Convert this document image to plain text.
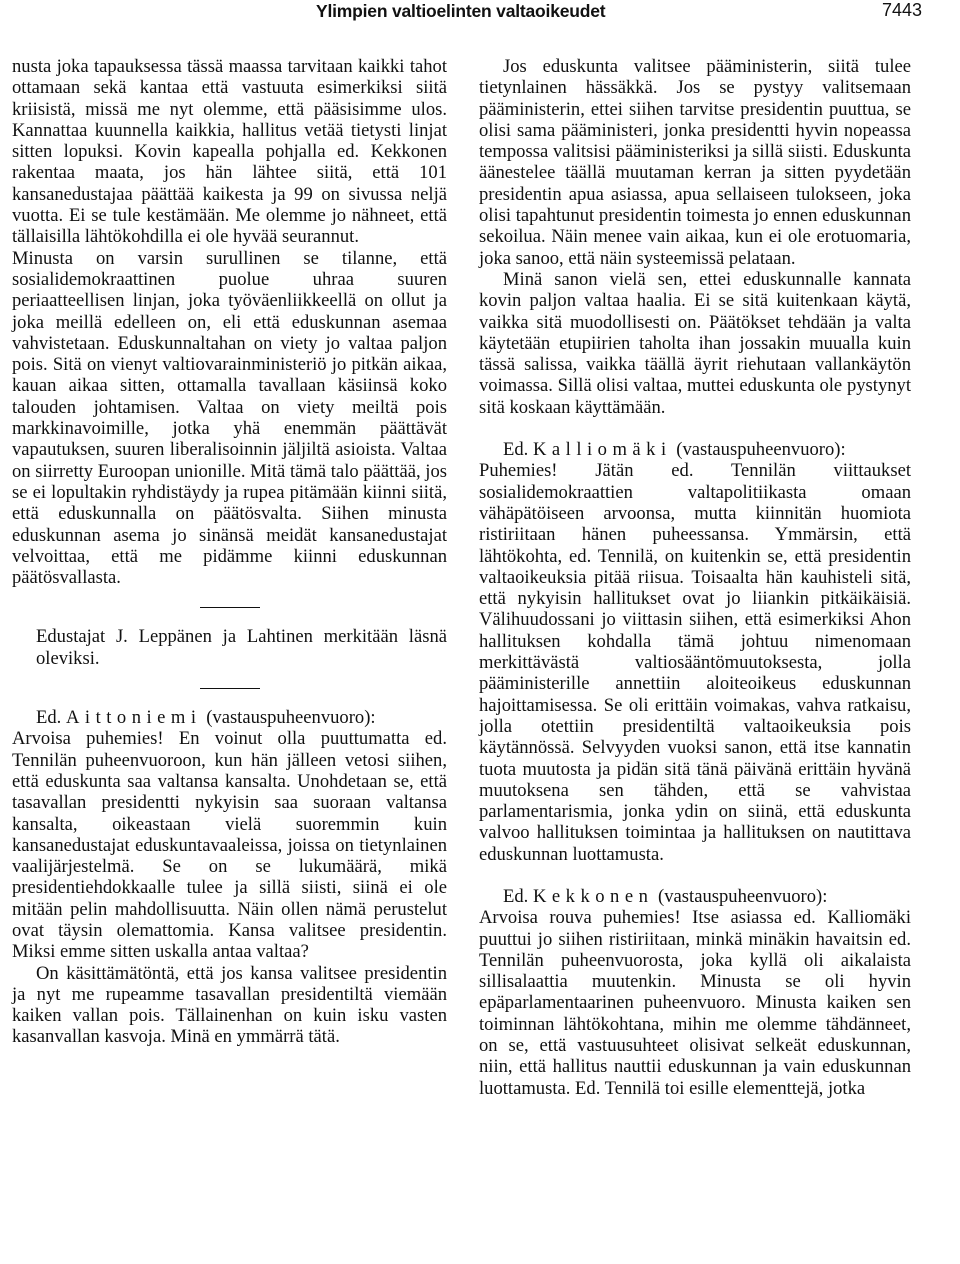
Ylimpien valtioelinten valtaoikeudet	7443

nusta joka tapauksessa tässä maassa tarvitaan kaikki tahot ottamaan sekä kantaa että vastuuta esimerkiksi siitä kriisistä, missä me nyt olemme, että pääsisimme ulos. Kannattaa kuunnella kaikkia, hallitus vetää tietysti linjat sitten lopuksi. Kovin kapealla pohjalla ed. Kekkonen rakentaa maata, jos hän lähtee siitä, että 101 kansanedustajaa päättää kaikesta ja 99 on sivussa neljä vuotta. Ei se tule kestämään. Me olemme jo nähneet, että tällaisilla lähtökohdilla ei ole hyvää seurannut.

Minusta on varsin surullinen se tilanne, että sosialidemokraattinen puolue uhraa suuren periaatteellisen linjan, joka työväenliikkeellä on ollut ja joka meillä edelleen on, eli että eduskunnan asemaa vahvistetaan. Eduskunnaltahan on viety jo valtaa paljon pois. Sitä on vienyt valtiovarainministeriö jo pitkän aikaa, kauan aikaa sitten, ottamalla tavallaan käsiinsä koko talouden johtamisen. Valtaa on viety meiltä pois markkinavoimille, jotka yhä enemmän päättävät vapautuksen, suuren liberalisoinnin jäljiltä asioista. Valtaa on siirretty Euroopan unionille. Mitä tämä talo päättää, jos se ei lopultakin ryhdistäydy ja rupea pitämään kiinni siitä, että eduskunnalla on päätösvalta. Siihen minusta eduskunnan asema jo sinänsä meidät kansanedustajat velvoittaa, että me pidämme kiinni eduskunnan päätösvallasta.

Edustajat J. Leppänen ja Lahtinen merkitään läsnä oleviksi.

Ed. Aittoniemi (vastauspuheenvuoro):

Arvoisa puhemies! En voinut olla puuttumatta ed. Tennilän puheenvuoroon, kun hän jälleen vetosi siihen, että eduskunta saa valtansa kansalta. Unohdetaan se, että tasavallan presidentti nykyisin saa suoraan valtansa kansalta, oikeastaan vielä suoremmin kuin kansanedustajat eduskuntavaaleissa, joissa on tietynlainen vaalijärjestelmä. Se on se lukumäärä, mikä presidentiehdokkaalle tulee ja sillä siisti, siinä ei ole mitään pelin mahdollisuutta. Näin ollen nämä perustelut ovat täysin olemattomia. Kansa valitsee presidentin. Miksi emme sitten uskalla antaa valtaa?

On käsittämätöntä, että jos kansa valitsee presidentin ja nyt me rupeamme tasavallan presidentiltä viemään kaiken vallan pois. Tällainenhan on kuin isku vasten kasanvallan kasvoja. Minä en ymmärrä tätä.

Jos eduskunta valitsee pääministerin, siitä tulee tietynlainen hässäkkä. Jos se pystyy valitsemaan pääministerin, ettei siihen tarvitse presidentin puuttua, se olisi sama pääministeri, jonka presidentti hyvin nopeassa tempossa valitsisi pääministeriksi ja sillä siisti. Eduskunta äänestelee täällä muutaman kerran ja sitten pyydetään presidentin apua asiassa, apua sellaiseen tulokseen, joka olisi tapahtunut presidentin toimesta jo ennen eduskunnan sekoilua. Näin menee vain aikaa, kun ei ole erotuomaria, joka sanoo, että näin systeemissä pelataan.

Minä sanon vielä sen, ettei eduskunnalle kannata kovin paljon valtaa haalia. Ei se sitä kuitenkaan käytä, vaikka sitä muodollisesti on. Päätökset tehdään ja valta käytetään etupiirien taholta ihan jossakin muualla kuin tässä salissa, vaikka täällä äyrit riehutaan vallankäytön voimassa. Sillä olisi valtaa, muttei eduskunta ole pystynyt sitä koskaan käyttämään.

Ed. Kalliomäki (vastauspuheenvuoro):

Puhemies! Jätän ed. Tennilän viittaukset sosialidemokraattien valtapolitiikasta omaan vähäpätöiseen arvoonsa, mutta kiinnitän huomiota ristiriitaan hänen puheessansa. Ymmärsin, että lähtökohta, ed. Tennilä, on kuitenkin se, että presidentin valtaoikeuksia pitää riisua. Toisaalta hän kauhisteli sitä, että nykyisin hallitukset ovat jo liiankin pitkäikäisiä. Välihuudossani jo viittasin siihen, että esimerkiksi Ahon hallituksen kohdalla tämä johtuu nimenomaan merkittävästä valtiosääntömuutoksesta, jolla pääministerille annettiin aloiteoikeus eduskunnan hajoittamisessa. Se oli erittäin voimakas, vahva ratkaisu, jolla otettiin presidentiltä valtaoikeuksia pois käytännössä. Selvyyden vuoksi sanon, että itse kannatin tuota muutosta ja pidän sitä tänä päivänä erittäin hyvänä muutoksena sen tähden, että se vahvistaa parlamentarismia, jonka ydin on siinä, että eduskunta valvoo hallituksen toimintaa ja hallituksen on nautittava eduskunnan luottamusta.

Ed. Kekkonen (vastauspuheenvuoro):

Arvoisa rouva puhemies! Itse asiassa ed. Kalliomäki puuttui jo siihen ristiriitaan, minkä minäkin havaitsin ed. Tennilän puheenvuorosta, joka kyllä oli aikalaista sillisalaattia muutenkin. Minusta se oli hyvin epäparlamentaarinen puheenvuoro. Minusta kaiken sen toiminnan lähtökohtana, mihin me olemme tähdänneet, on se, että vastuusuhteet olisivat selkeät eduskunnan, niin, että hallitus nauttii eduskunnan ja vain eduskunnan luottamusta. Ed. Tennilä toi esille elementtejä, jotka
